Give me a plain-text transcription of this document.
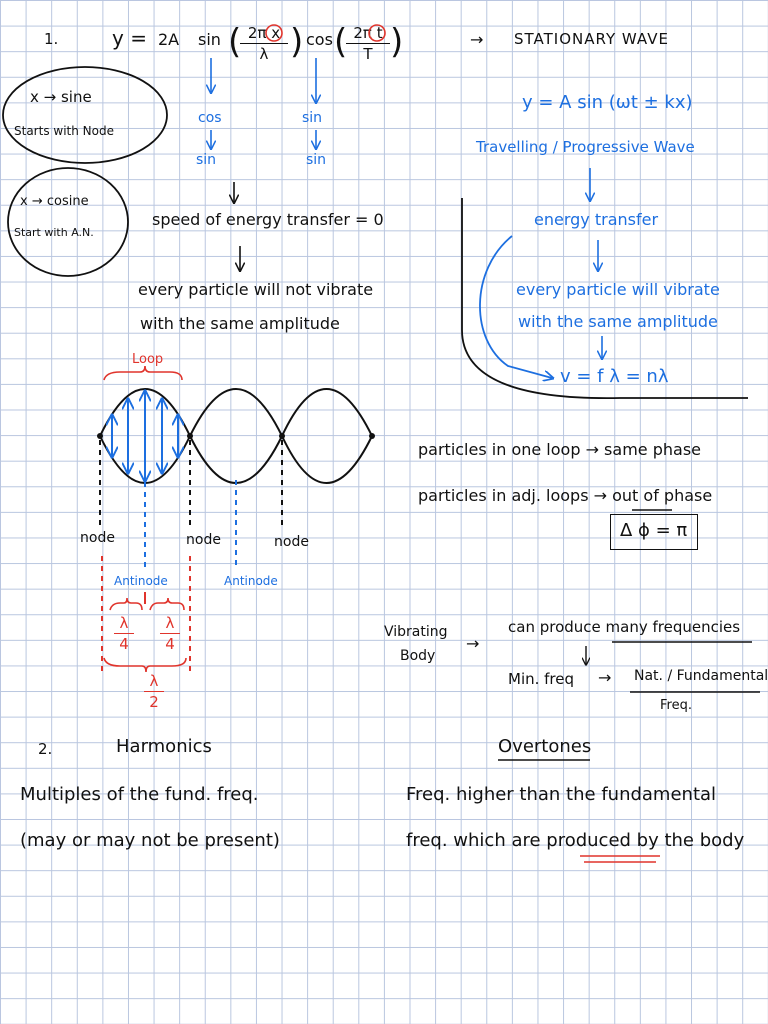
1.	y = 2A sin ( 2π x
λ ) cos ( 2π t
T )	→ STATIONARY WAVE
x → sine
Starts with Node
x → cosine
Start with A.N.
cos
sin
sin
sin
speed of energy transfer = 0
every particle will not vibrate
with the same amplitude
y = A sin (ωt ± kx)
Travelling / Progressive Wave
energy transfer
every particle will vibrate
with the same amplitude
v = f λ = nλ
Loop
node	node	node
Antinode	Antinode
λ
4
λ
4
λ
2
particles in one loop → same phase
particles in adj. loops → out of phase
Δ ϕ = π
Vibrating
Body
→
can produce many frequencies
Min. freq → Nat. / Fundamental
Freq.
2.	Harmonics	Overtones
Multiples of the fund. freq.
(may or may not be present)
Freq. higher than the fundamental
freq. which are produced by the body
